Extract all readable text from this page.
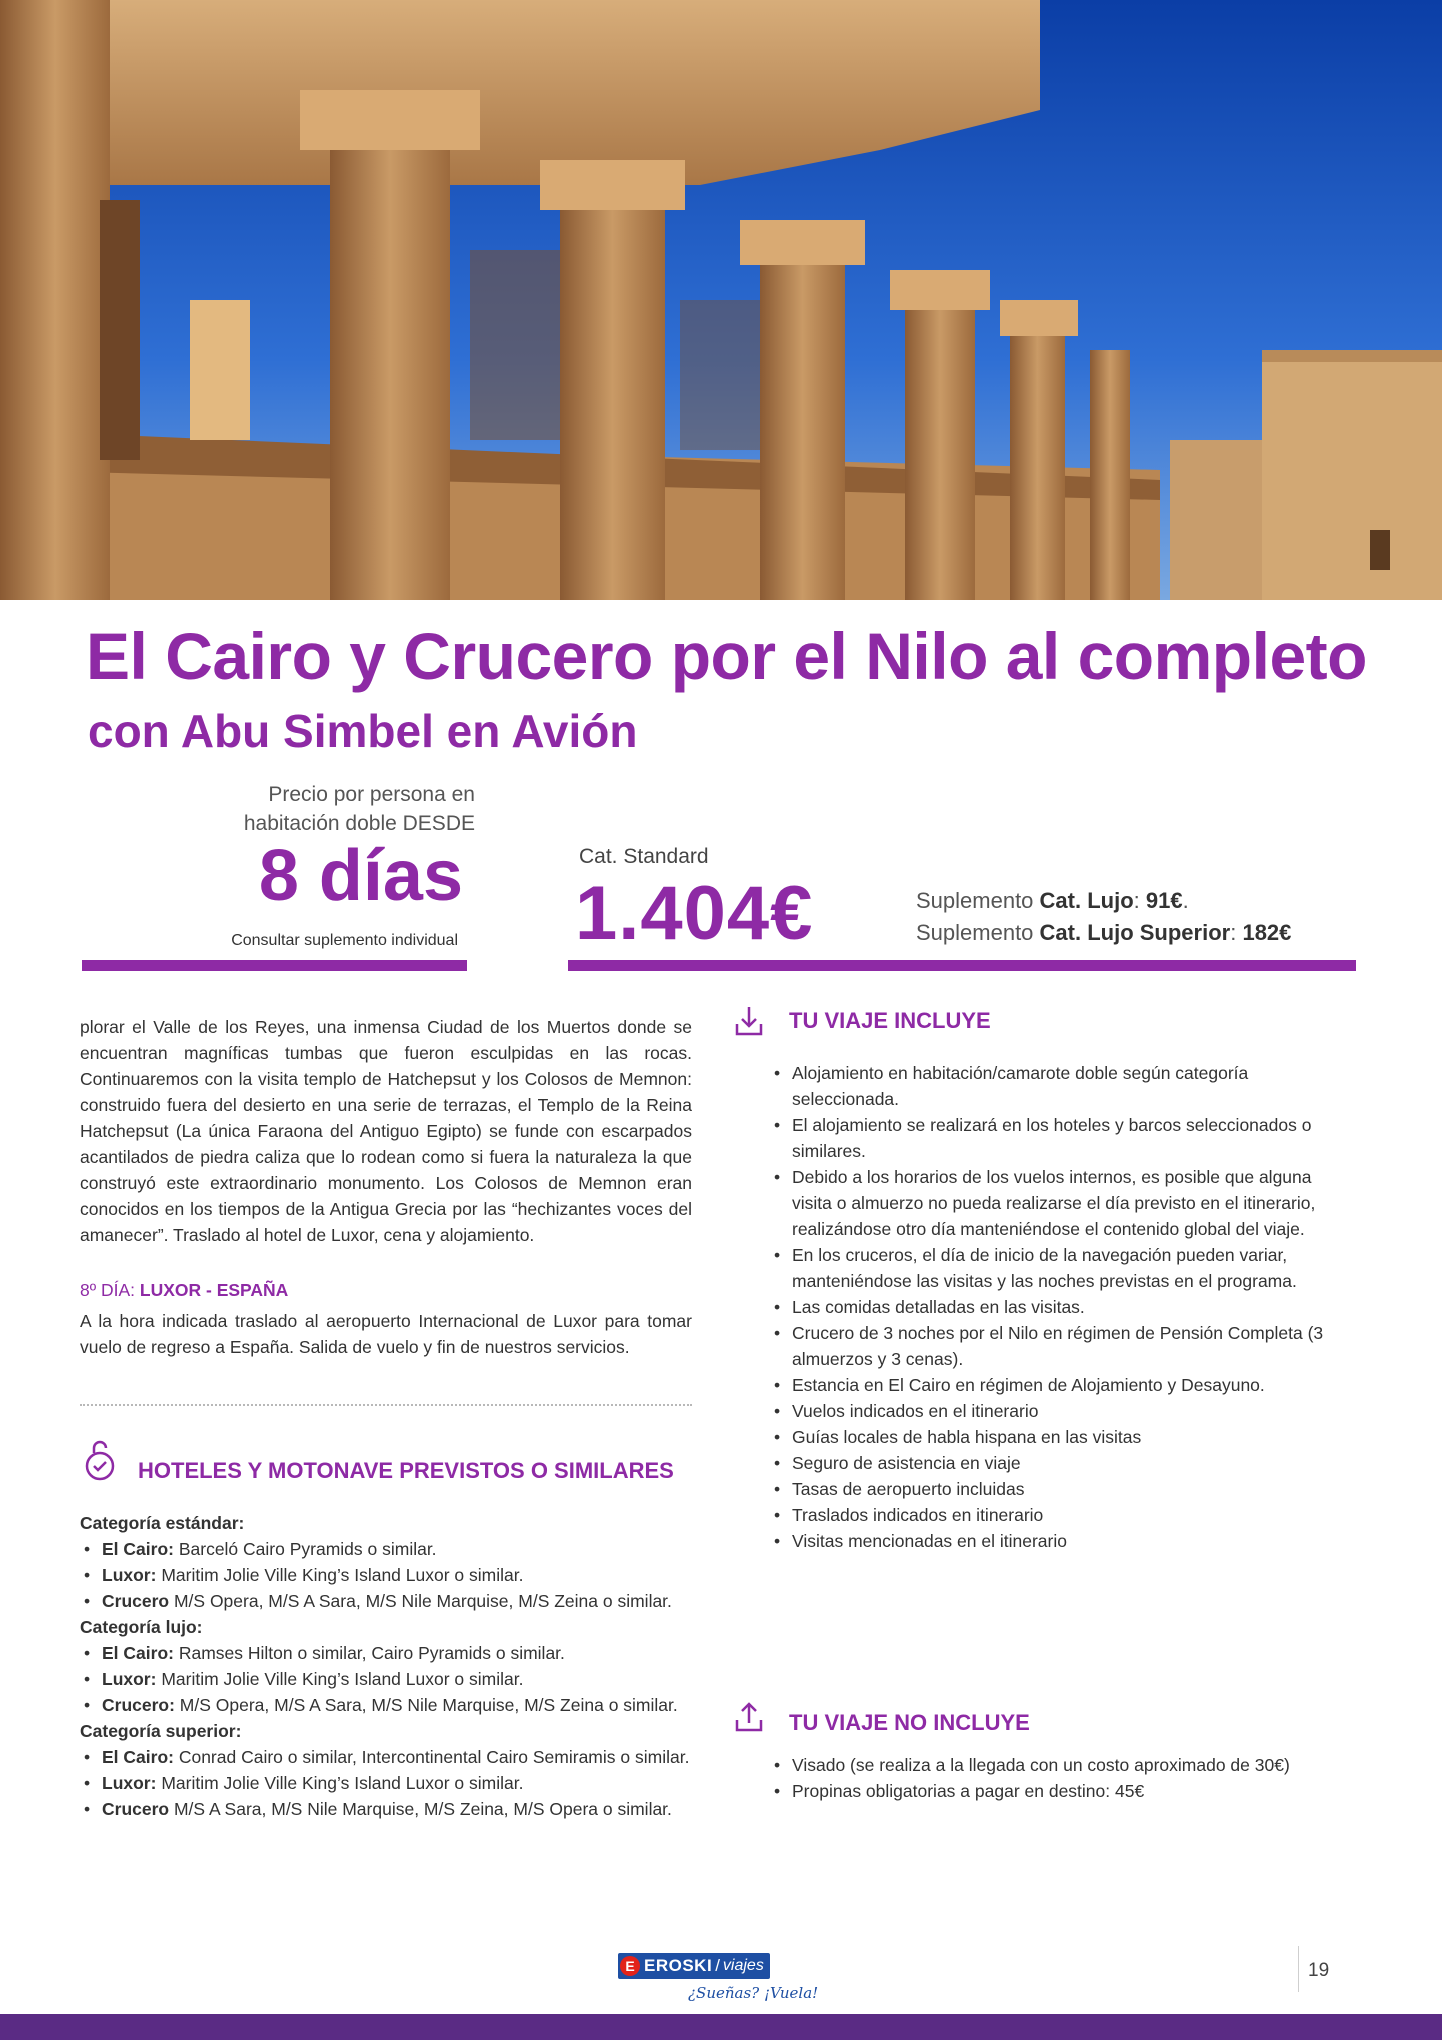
El Cairo y Crucero por el Nilo al completo
con Abu Simbel en Avión
Precio por persona en
habitación doble DESDE
8 días
Consultar suplemento individual
Cat. Standard
1.404€	Suplemento Cat. Lujo: 91€.
Suplemento Cat. Lujo Superior: 182€
plorar el Valle de los Reyes, una inmensa Ciudad de los Muertos donde se encuentran magníficas tumbas que fueron esculpidas en las rocas. Continuaremos con la visita templo de Hatchepsut y los Colosos de Memnon: construido fuera del desierto en una serie de terrazas, el Templo de la Reina Hatchepsut (La única Faraona del Antiguo Egipto) se funde con escarpados acantilados de piedra caliza que lo rodean como si fuera la naturaleza la que construyó este extraordinario monumento. Los Colosos de Memnon eran conocidos en los tiempos de la Antigua Grecia por las “hechizantes voces del amanecer”. Traslado al hotel de Luxor, cena y alojamiento.
8º DÍA: LUXOR - ESPAÑA
A la hora indicada traslado al aeropuerto Internacional de Luxor para tomar vuelo de regreso a España. Salida de vuelo y fin de nuestros servicios.
HOTELES Y MOTONAVE PREVISTOS O SIMILARES
Categoría estándar:
• El Cairo: Barceló Cairo Pyramids o similar.
• Luxor: Maritim Jolie Ville King’s Island Luxor o similar.
• Crucero M/S Opera, M/S A Sara, M/S Nile Marquise, M/S Zeina o similar.
Categoría lujo:
• El Cairo: Ramses Hilton o similar, Cairo Pyramids o similar.
• Luxor: Maritim Jolie Ville King’s Island Luxor o similar.
• Crucero: M/S Opera, M/S A Sara, M/S Nile Marquise, M/S Zeina o similar.
Categoría superior:
• El Cairo: Conrad Cairo o similar, Intercontinental Cairo Semiramis o similar.
• Luxor: Maritim Jolie Ville King’s Island Luxor o similar.
• Crucero M/S A Sara, M/S Nile Marquise, M/S Zeina, M/S Opera o similar.
TU VIAJE INCLUYE
• Alojamiento en habitación/camarote doble según categoría seleccionada.
• El alojamiento se realizará en los hoteles y barcos seleccionados o similares.
• Debido a los horarios de los vuelos internos, es posible que alguna visita o almuerzo no pueda realizarse el día previsto en el itinerario, realizándose otro día manteniéndose el contenido global del viaje.
• En los cruceros, el día de inicio de la navegación pueden variar, manteniéndose las visitas y las noches previstas en el programa.
• Las comidas detalladas en las visitas.
• Crucero de 3 noches por el Nilo en régimen de Pensión Completa (3 almuerzos y 3 cenas).
• Estancia en El Cairo en régimen de Alojamiento y Desayuno.
• Vuelos indicados en el itinerario
• Guías locales de habla hispana en las visitas
• Seguro de asistencia en viaje
• Tasas de aeropuerto incluidas
• Traslados indicados en itinerario
• Visitas mencionadas en el itinerario
TU VIAJE NO INCLUYE
• Visado (se realiza a la llegada con un costo aproximado de 30€)
• Propinas obligatorias a pagar en destino: 45€
E EROSKI / viajes
¿Sueñas? ¡Vuela!
19
